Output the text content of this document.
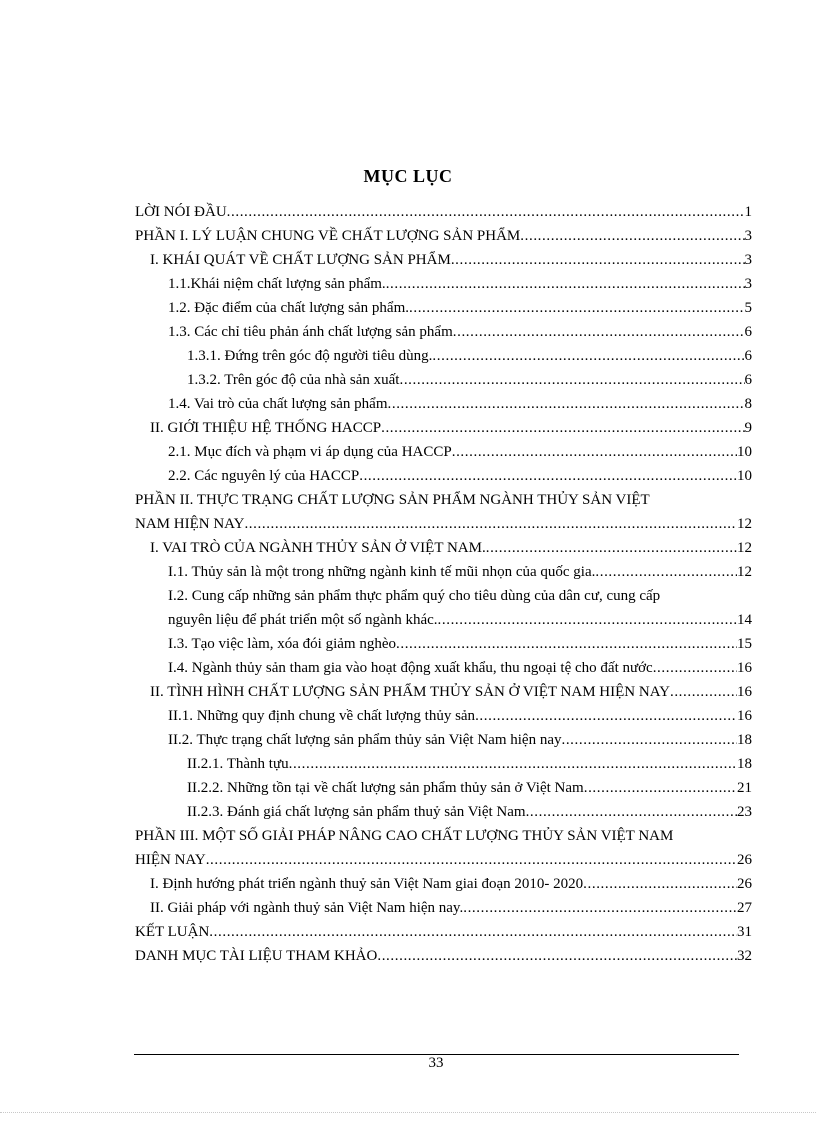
MỤC LỤC
LỜI NÓI ĐẦU .....	1
PHẦN I. LÝ LUẬN CHUNG VỀ CHẤT LƯỢNG SẢN PHẨM .....	3
I. KHÁI QUÁT VỀ CHẤT LƯỢNG SẢN PHẨM .....	3
1.1.Khái niệm chất lượng sản phẩm. .....	3
1.2. Đặc điểm của chất lượng sản phẩm. .....	5
1.3. Các chỉ tiêu phản ánh chất lượng sản phẩm .....	6
1.3.1. Đứng trên góc độ người tiêu dùng. .....	6
1.3.2. Trên góc độ của nhà sản xuất .....	6
1.4. Vai trò của chất lượng sản phẩm .....	8
II. GIỚI THIỆU HỆ THỐNG HACCP .....	9
2.1. Mục đích và phạm vi áp dụng của HACCP .....	10
2.2. Các nguyên lý của HACCP .....	10
PHẦN II. THỰC TRẠNG CHẤT LƯỢNG SẢN PHẨM NGÀNH THỦY SẢN VIỆT
NAM HIỆN NAY .....	12
I. VAI TRÒ CỦA NGÀNH THỦY SẢN Ở VIỆT NAM. .....	12
I.1. Thủy sản là một trong những ngành kinh tế mũi nhọn của quốc gia. .....	12
I.2. Cung cấp những sản phẩm thực phẩm quý cho tiêu dùng của dân cư, cung cấp
nguyên liệu để phát triển một số ngành khác. .....	14
I.3. Tạo việc làm, xóa đói giảm nghèo .....	15
I.4. Ngành thủy sản tham gia vào hoạt động xuất khẩu, thu ngoại tệ cho đất nước .....	16
II. TÌNH HÌNH CHẤT LƯỢNG SẢN PHẨM THỦY SẢN Ở VIỆT NAM HIỆN NAY .....	16
II.1. Những quy định chung về chất lượng thủy sản .....	16
II.2. Thực trạng chất lượng sản phẩm thủy sản Việt Nam hiện nay .....	18
II.2.1. Thành tựu .....	18
II.2.2. Những tồn tại về chất lượng sản phẩm thủy sản ở Việt Nam .....	21
II.2.3. Đánh giá chất lượng sản phẩm thuỷ sản Việt Nam .....	23
PHẦN III. MỘT SỐ GIẢI PHÁP NÂNG CAO CHẤT LƯỢNG THỦY SẢN VIỆT NAM
HIỆN NAY .....	26
I. Định hướng phát triển ngành thuỷ sản Việt Nam giai đoạn 2010- 2020 .....	26
II. Giải pháp với ngành thuỷ sản Việt Nam hiện nay. .....	27
KẾT LUẬN .....	31
DANH MỤC TÀI LIỆU THAM KHẢO .....	32
33
